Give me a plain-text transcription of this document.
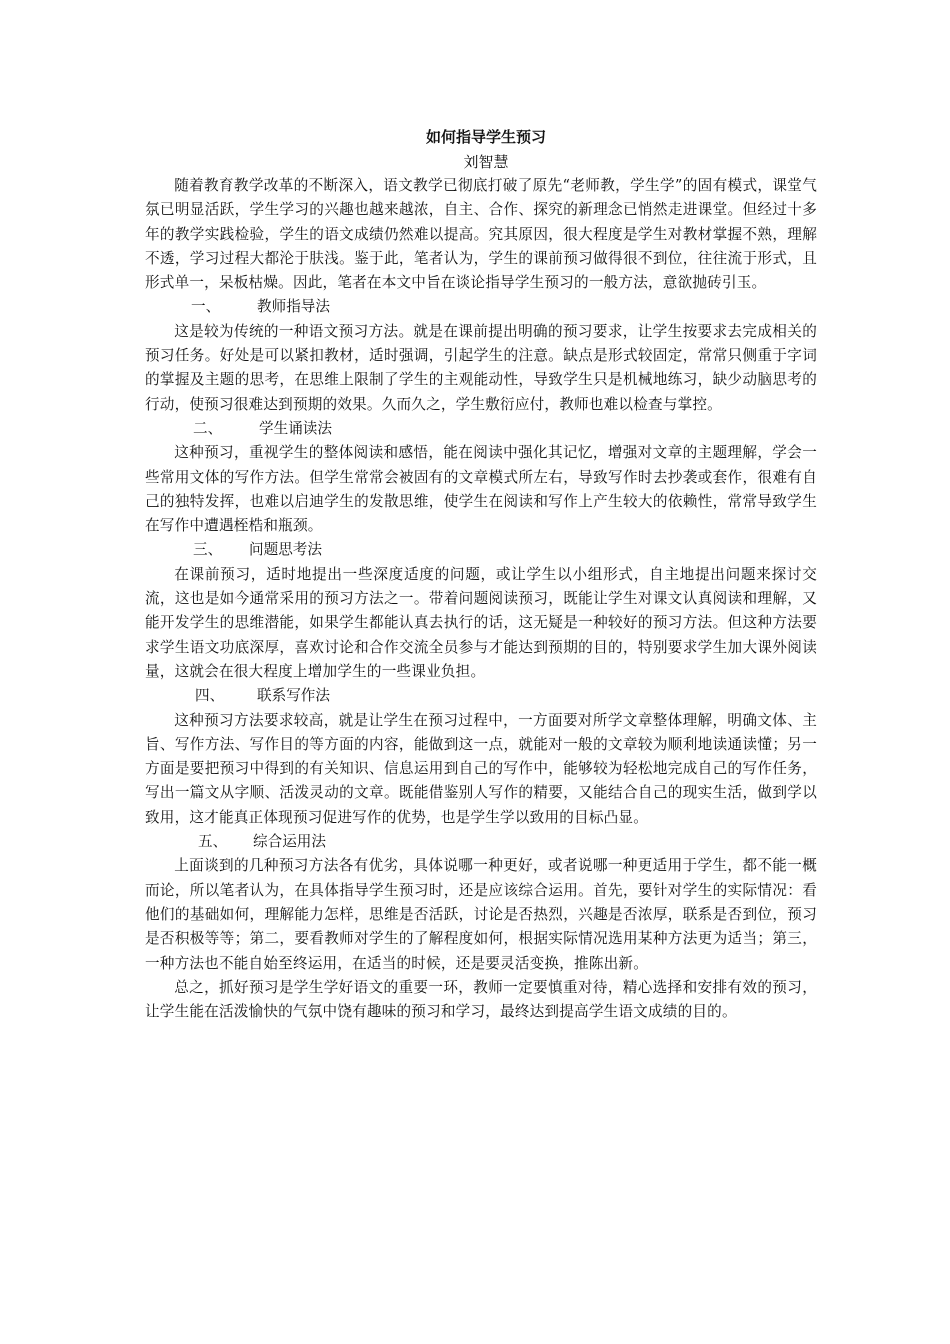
如何指导学生预习

刘智慧

随着教育教学改革的不断深入，语文教学已彻底打破了原先“老师教，学生学”的固有模式，课堂气氛已明显活跃，学生学习的兴趣也越来越浓，自主、合作、探究的新理念已悄然走进课堂。但经过十多年的教学实践检验，学生的语文成绩仍然难以提高。究其原因，很大程度是学生对教材掌握不熟，理解不透，学习过程大都沦于肤浅。鉴于此，笔者认为，学生的课前预习做得很不到位，往往流于形式，且形式单一，呆板枯燥。因此，笔者在本文中旨在谈论指导学生预习的一般方法，意欲抛砖引玉。

一、	教师指导法

这是较为传统的一种语文预习方法。就是在课前提出明确的预习要求，让学生按要求去完成相关的预习任务。好处是可以紧扣教材，适时强调，引起学生的注意。缺点是形式较固定，常常只侧重于字词的掌握及主题的思考，在思维上限制了学生的主观能动性，导致学生只是机械地练习，缺少动脑思考的行动，使预习很难达到预期的效果。久而久之，学生敷衍应付，教师也难以检查与掌控。

二、	学生诵读法

这种预习，重视学生的整体阅读和感悟，能在阅读中强化其记忆，增强对文章的主题理解，学会一些常用文体的写作方法。但学生常常会被固有的文章模式所左右，导致写作时去抄袭或套作，很难有自己的独特发挥，也难以启迪学生的发散思维，使学生在阅读和写作上产生较大的依赖性，常常导致学生在写作中遭遇桎梏和瓶颈。

三、 问题思考法

在课前预习，适时地提出一些深度适度的问题，或让学生以小组形式，自主地提出问题来探讨交流，这也是如今通常采用的预习方法之一。带着问题阅读预习，既能让学生对课文认真阅读和理解，又能开发学生的思维潜能，如果学生都能认真去执行的话，这无疑是一种较好的预习方法。但这种方法要求学生语文功底深厚，喜欢讨论和合作交流全员参与才能达到预期的目的，特别要求学生加大课外阅读量，这就会在很大程度上增加学生的一些课业负担。

四、 联系写作法

这种预习方法要求较高，就是让学生在预习过程中，一方面要对所学文章整体理解，明确文体、主旨、写作方法、写作目的等方面的内容，能做到这一点，就能对一般的文章较为顺利地读通读懂；另一方面是要把预习中得到的有关知识、信息运用到自己的写作中，能够较为轻松地完成自己的写作任务，写出一篇文从字顺、活泼灵动的文章。既能借鉴别人写作的精要，又能结合自己的现实生活，做到学以致用，这才能真正体现预习促进写作的优势，也是学生学以致用的目标凸显。

五、 综合运用法

上面谈到的几种预习方法各有优劣，具体说哪一种更好，或者说哪一种更适用于学生，都不能一概而论，所以笔者认为，在具体指导学生预习时，还是应该综合运用。首先，要针对学生的实际情况：看他们的基础如何，理解能力怎样，思维是否活跃，讨论是否热烈，兴趣是否浓厚，联系是否到位，预习是否积极等等；第二，要看教师对学生的了解程度如何，根据实际情况选用某种方法更为适当；第三，一种方法也不能自始至终运用，在适当的时候，还是要灵活变换，推陈出新。

总之，抓好预习是学生学好语文的重要一环，教师一定要慎重对待，精心选择和安排有效的预习，让学生能在活泼愉快的气氛中饶有趣味的预习和学习，最终达到提高学生语文成绩的目的。
